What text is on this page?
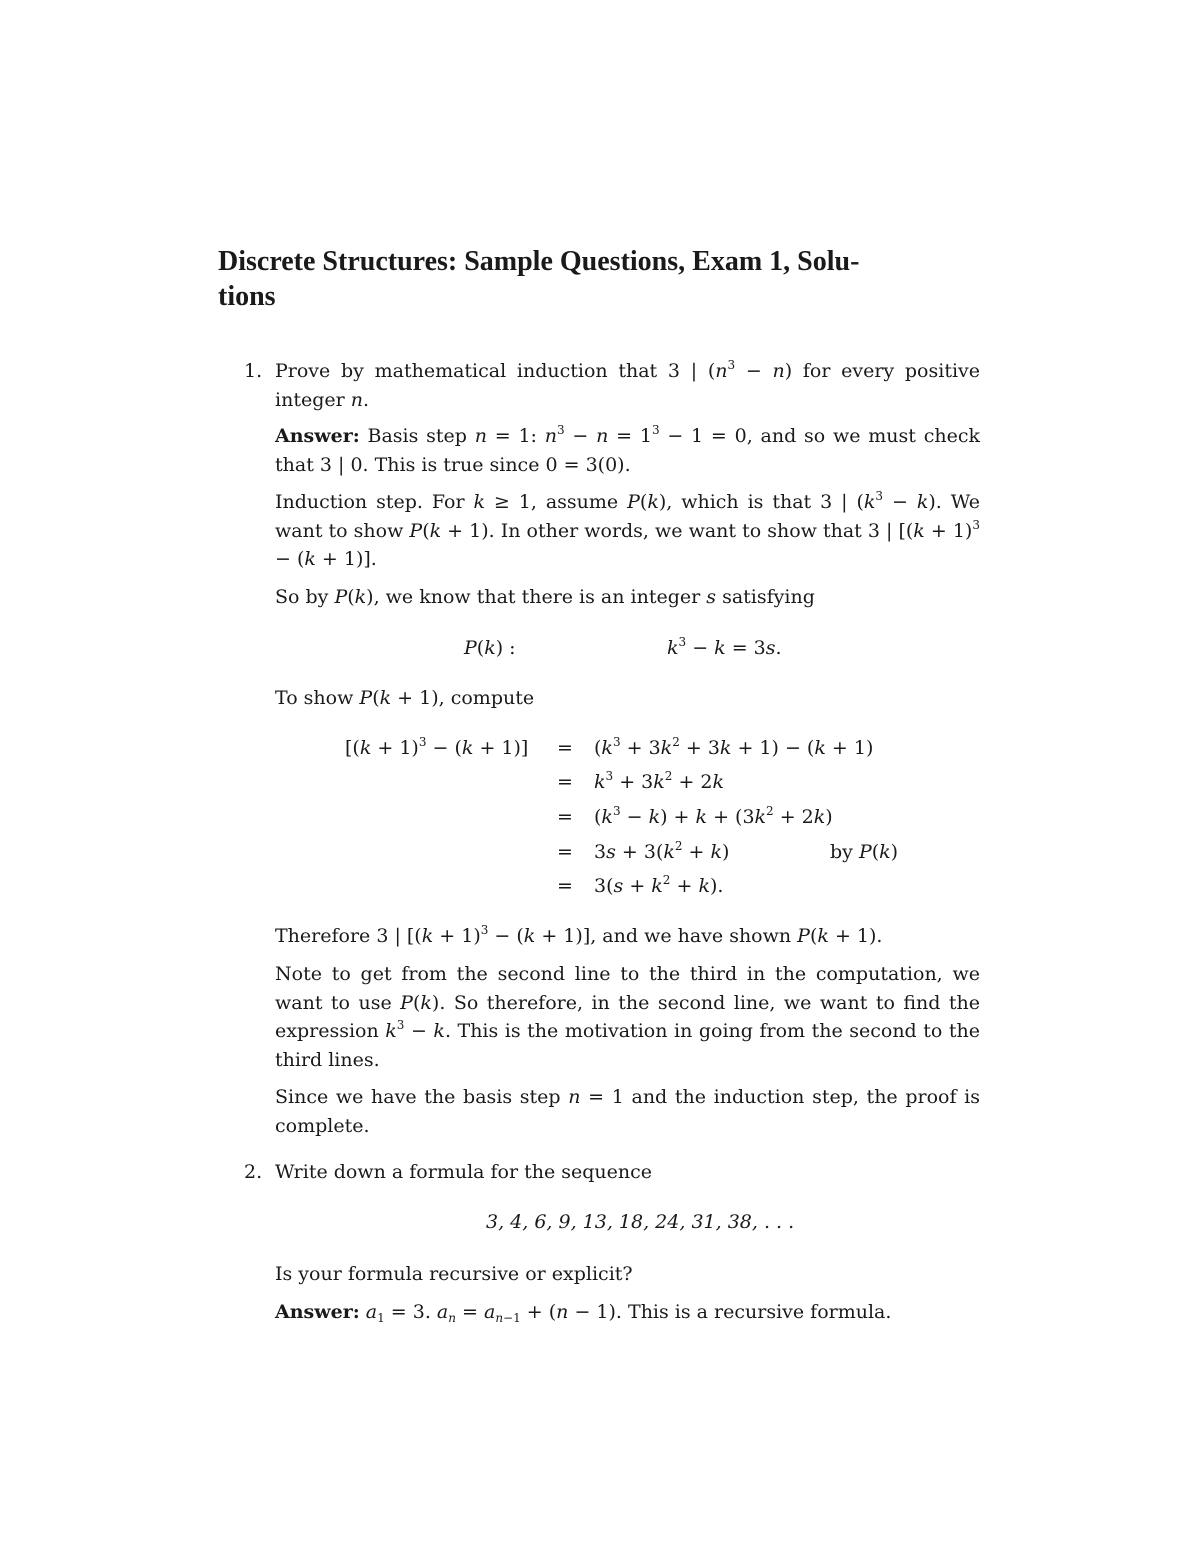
Discrete Structures: Sample Questions, Exam 1, Solu-
tions
1. Prove by mathematical induction that 3 | $(n^3 - n)$ for every positive integer n.
Answer: Basis step n = 1: $n^3 - n = 1^3 - 1 = 0$, and so we must check that 3 | 0. This is true since 0 = 3(0).
Induction step. For k ≥ 1, assume P(k), which is that 3 | $(k^3 - k)$. We want to show P(k + 1). In other words, we want to show that 3 | $[(k + 1)^3 - (k + 1)]$.
So by P(k), we know that there is an integer s satisfying
P(k) :	$k^3 - k = 3s$.
To show P(k + 1), compute
$[(k + 1)^3 - (k + 1)] = (k^3 + 3k^2 + 3k + 1) - (k + 1)$
= $k^3 + 3k^2 + 2k$
= $(k^3 - k) + k + (3k^2 + 2k)$
= $3s + 3(k^2 + k)$	by P(k)
= $3(s + k^2 + k)$.
Therefore 3 | $[(k + 1)^3 - (k + 1)]$, and we have shown P(k + 1).
Note to get from the second line to the third in the computation, we want to use P(k). So therefore, in the second line, we want to find the expression $k^3 - k$. This is the motivation in going from the second to the third lines.
Since we have the basis step n = 1 and the induction step, the proof is complete.
2. Write down a formula for the sequence
3, 4, 6, 9, 13, 18, 24, 31, 38, . . .
Is your formula recursive or explicit?
Answer: $a_1 = 3$. $a_n = a_{n-1} + (n - 1)$. This is a recursive formula.
